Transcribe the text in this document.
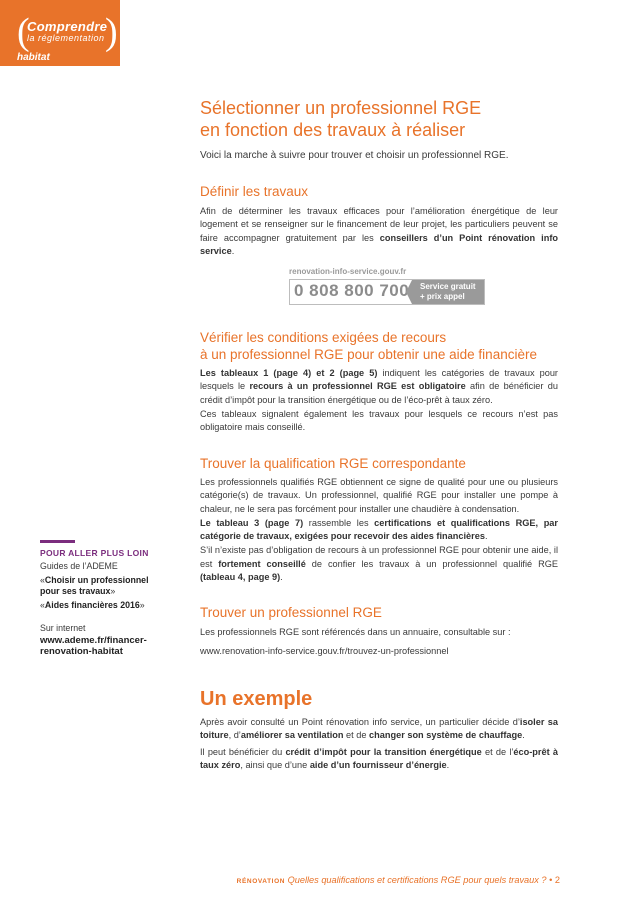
(
Comprendre
la réglementation )
habitat
Sélectionner un professionnel RGE
en fonction des travaux à réaliser
Voici la marche à suivre pour trouver et choisir un professionnel RGE.
Définir les travaux

Afin de déterminer les travaux efficaces pour l’amélioration énergétique de leur logement et se renseigner sur le financement de leur projet, les particuliers peuvent se faire accompagner gratuitement par les conseillers d’un Point rénovation info service.

renovation-info-service.gouv.fr
0 808 800 700 Service gratuit
+ prix appel
Vérifier les conditions exigées de recours
à un professionnel RGE pour obtenir une aide financière

Les tableaux 1 (page 4) et 2 (page 5) indiquent les catégories de travaux pour lesquels le recours à un professionnel RGE est obligatoire afin de bénéficier du crédit d’impôt pour la transition énergétique ou de l’éco-prêt à taux zéro.

Ces tableaux signalent également les travaux pour lesquels ce recours n’est pas obligatoire mais conseillé.

Trouver la qualification RGE correspondante

Les professionnels qualifiés RGE obtiennent ce signe de qualité pour une ou plusieurs catégorie(s) de travaux. Un professionnel, qualifié RGE pour installer une pompe à chaleur, ne le sera pas forcément pour installer une chaudière à condensation.

Le tableau 3 (page 7) rassemble les certifications et qualifications RGE, par catégorie de travaux, exigées pour recevoir des aides financières.

S’il n’existe pas d’obligation de recours à un professionnel RGE pour obtenir une aide, il est fortement conseillé de confier les travaux à un professionnel qualifié RGE (tableau 4, page 9).

Trouver un professionnel RGE

Les professionnels RGE sont référencés dans un annuaire, consultable sur :

www.renovation-info-service.gouv.fr/trouvez-un-professionnel

Un exemple

Après avoir consulté un Point rénovation info service, un particulier décide d’isoler sa toiture, d’améliorer sa ventilation et de changer son système de chauffage.

Il peut bénéficier du crédit d’impôt pour la transition énergétique et de l’éco-prêt à taux zéro, ainsi que d’une aide d’un fournisseur d’énergie.

POUR ALLER PLUS LOIN

Guides de l’ADEME

«Choisir un professionnel pour ses travaux»

«Aides financières 2016»

Sur internet

www.ademe.fr/financer-renovation-habitat

RÉNOVATION Quelles qualifications et certifications RGE pour quels travaux ? • 2
